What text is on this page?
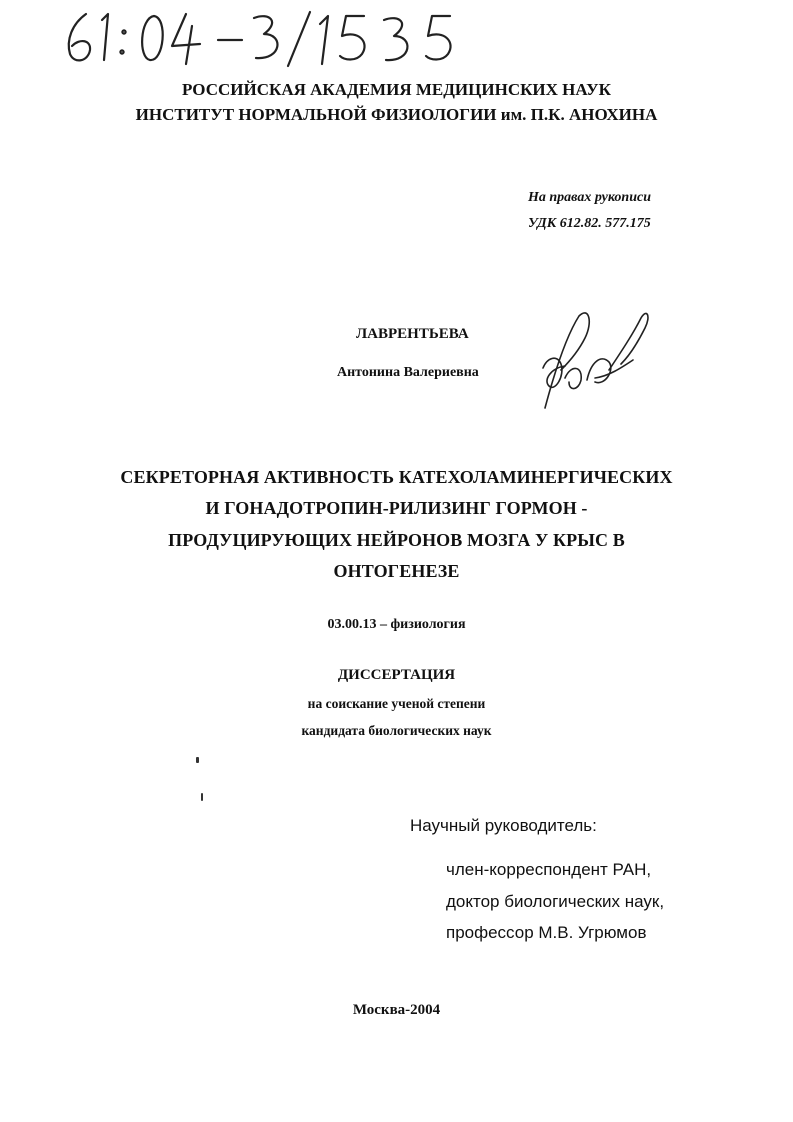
РОССИЙСКАЯ АКАДЕМИЯ МЕДИЦИНСКИХ НАУК
ИНСТИТУТ НОРМАЛЬНОЙ ФИЗИОЛОГИИ им. П.К. АНОХИНА
На правах рукописи
УДК 612.82. 577.175
ЛАВРЕНТЬЕВА
Антонина Валериевна
СЕКРЕТОРНАЯ АКТИВНОСТЬ КАТЕХОЛАМИНЕРГИЧЕСКИХ
И ГОНАДОТРОПИН-РИЛИЗИНГ ГОРМОН -
ПРОДУЦИРУЮЩИХ НЕЙРОНОВ МОЗГА У КРЫС В
ОНТОГЕНЕЗЕ
03.00.13 – физиология
ДИССЕРТАЦИЯ
на соискание ученой степени
кандидата биологических наук
Научный руководитель:
член-корреспондент РАН,
доктор биологических наук,
профессор М.В. Угрюмов
Москва-2004
